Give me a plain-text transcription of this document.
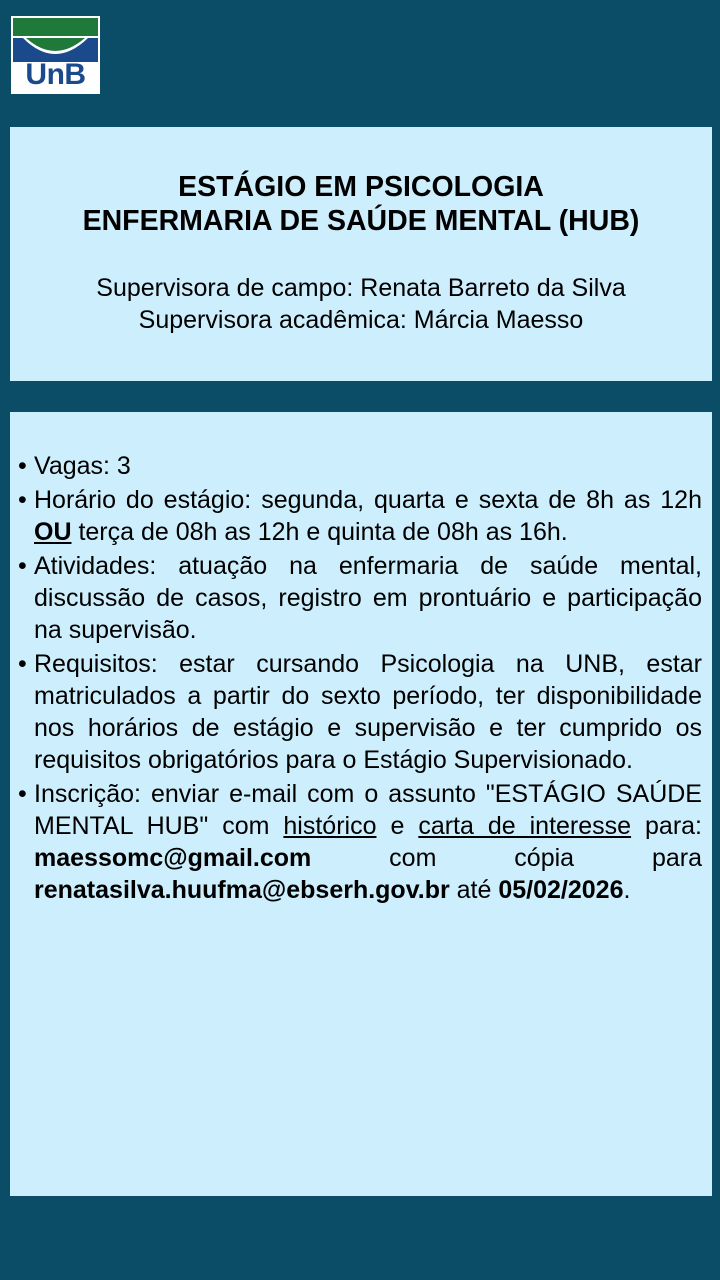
UnB
ESTÁGIO EM PSICOLOGIA
ENFERMARIA DE SAÚDE MENTAL (HUB)
Supervisora de campo: Renata Barreto da Silva
Supervisora acadêmica: Márcia Maesso
• Vagas: 3
• Horário do estágio: segunda, quarta e sexta de 8h as 12h OU terça de 08h as 12h e quinta de 08h as 16h.
• Atividades: atuação na enfermaria de saúde mental, discussão de casos, registro em prontuário e participação na supervisão.
• Requisitos: estar cursando Psicologia na UNB, estar matriculados a partir do sexto período, ter disponibilidade nos horários de estágio e supervisão e ter cumprido os requisitos obrigatórios para o Estágio Supervisionado.
• Inscrição: enviar e-mail com o assunto "ESTÁGIO SAÚDE MENTAL HUB" com histórico e carta de interesse para: maessomc@gmail.com com cópia para renatasilva.huufma@ebserh.gov.br até 05/02/2026.
